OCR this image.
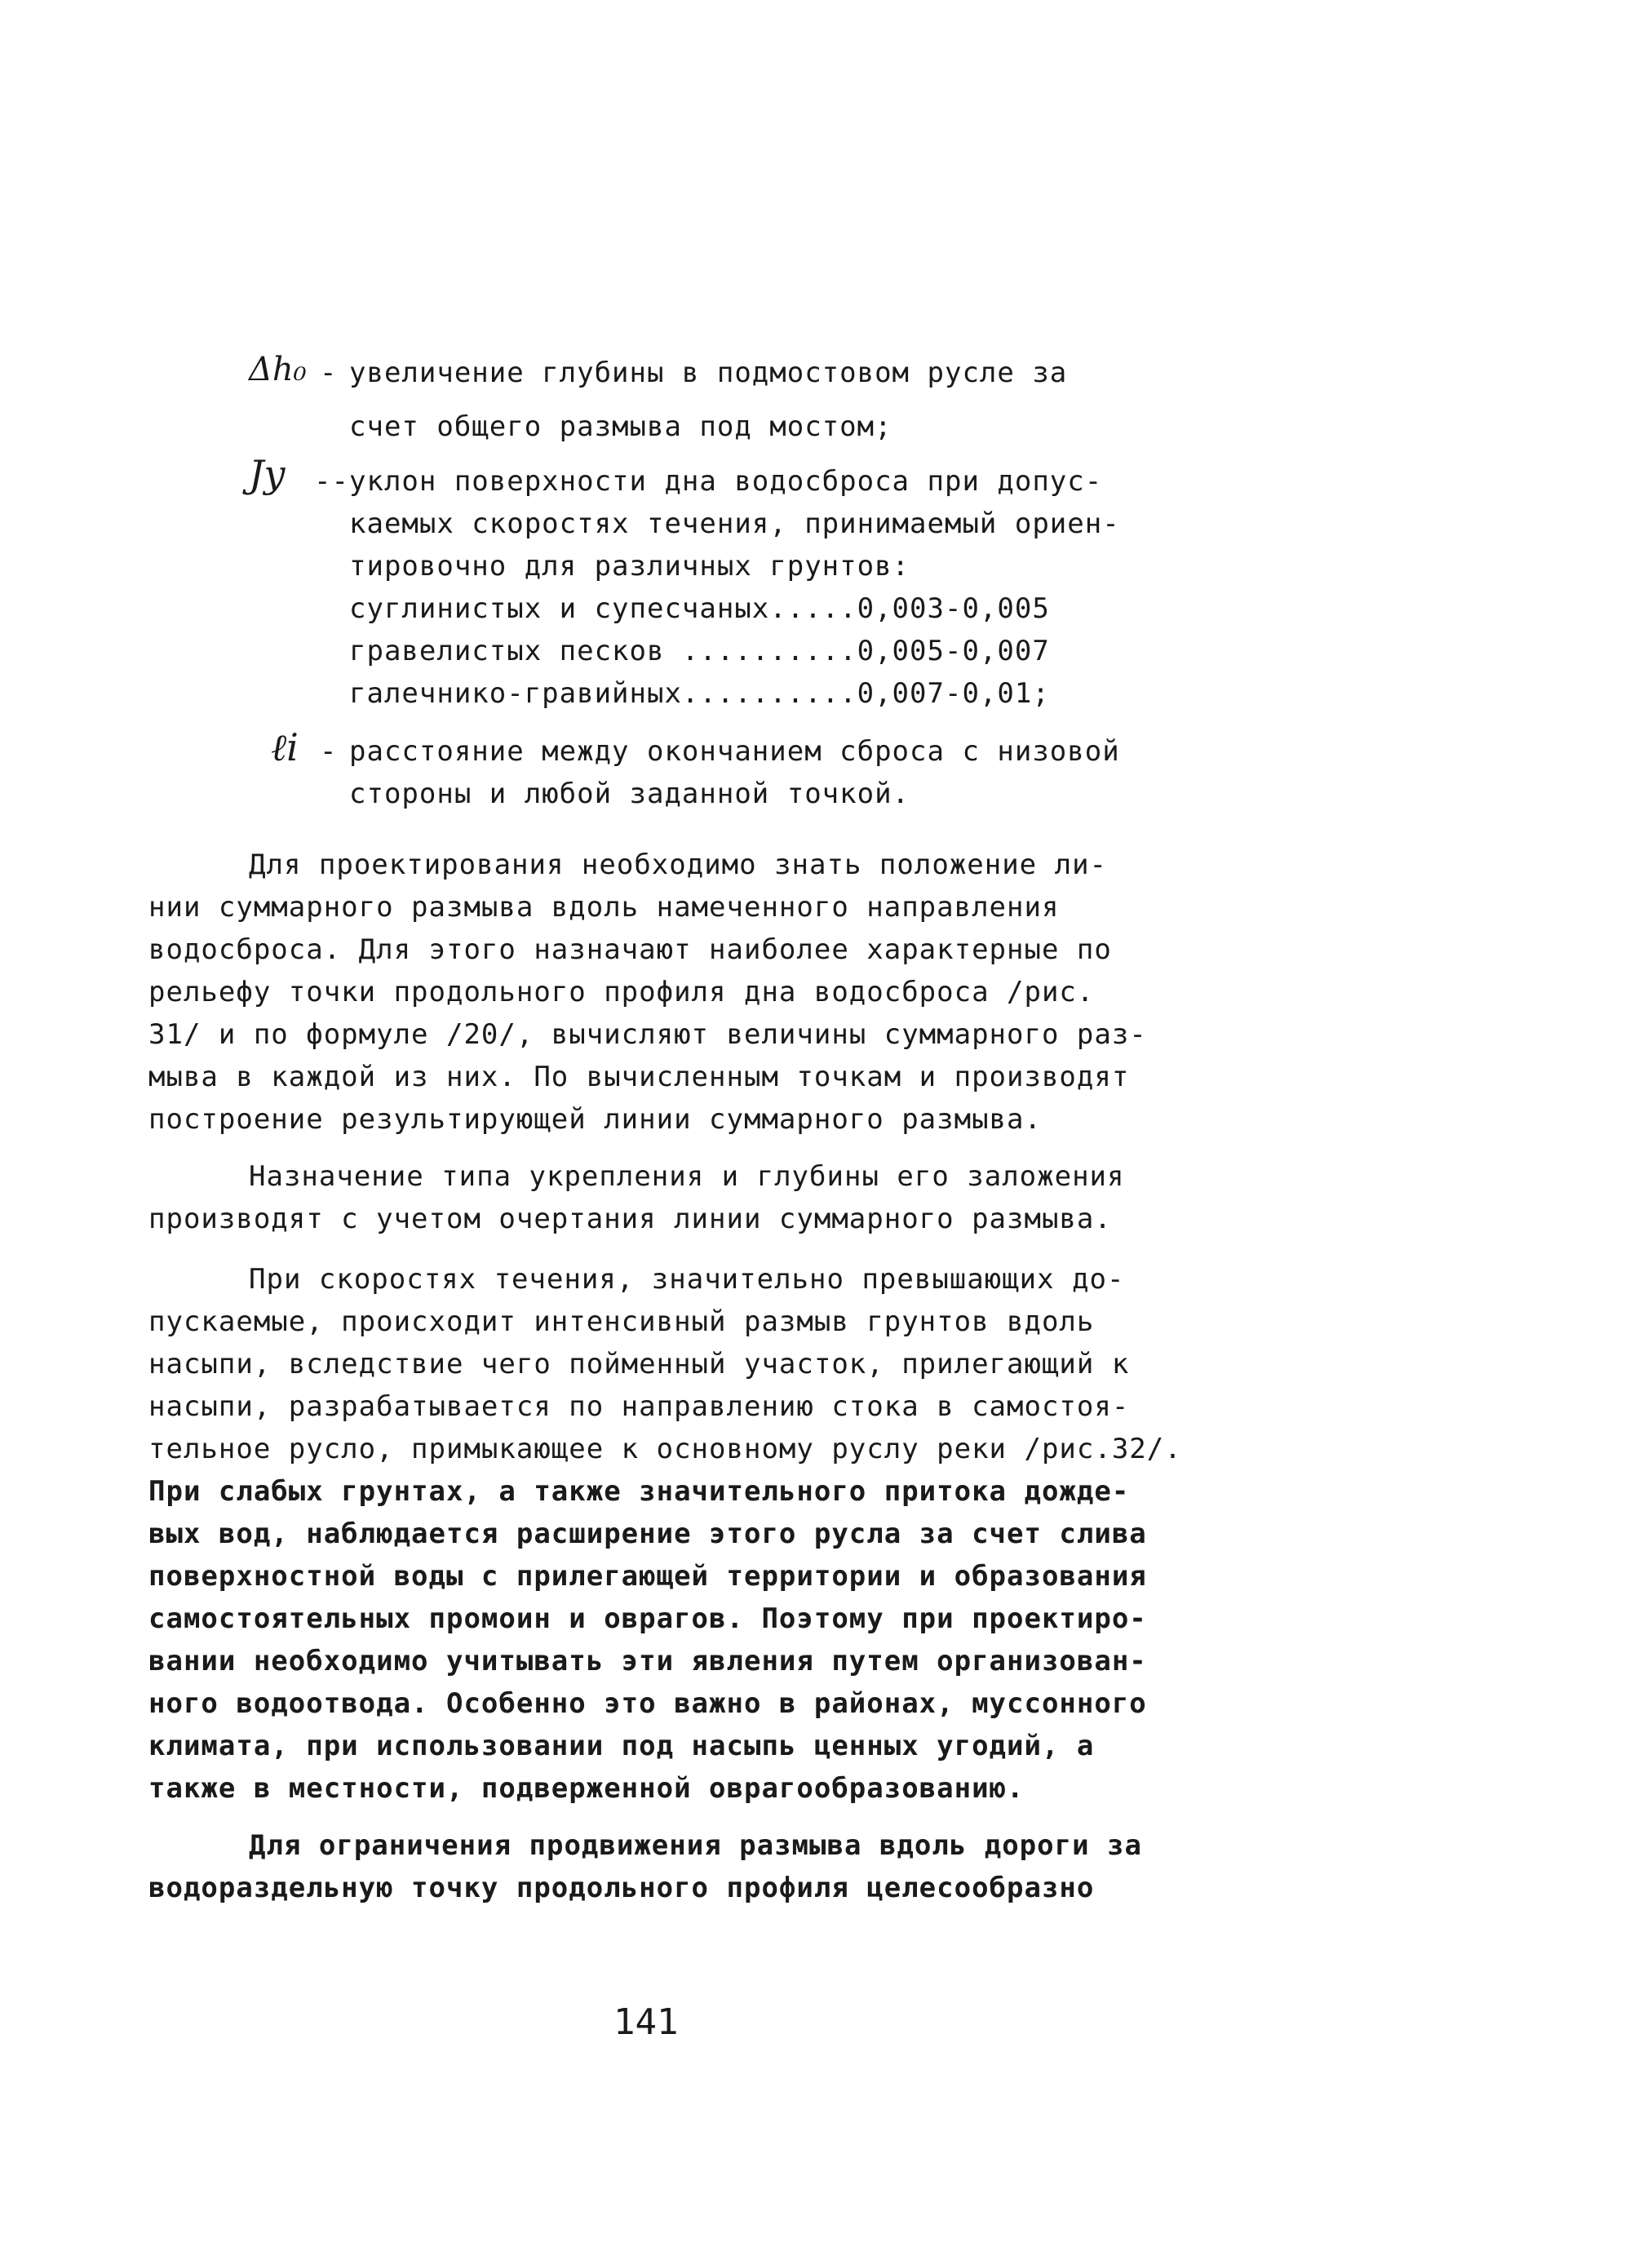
Δh₀ - увеличение глубины в подмостовом русле за
счет общего размыва под мостом;
Jу -- уклон поверхности дна водосброса при допус-
каемых скоростях течения, принимаемый ориен-
тировочно для различных грунтов:
суглинистых и супесчаных.....0,003-0,005
гравелистых песков ..........0,005-0,007
галечнико-гравийных..........0,007-0,01;
ℓi - расстояние между окончанием сброса с низовой
стороны и любой заданной точкой.
Для проектирования необходимо знать положение ли-
нии суммарного размыва вдоль намеченного направления
водосброса. Для этого назначают наиболее характерные по
рельефу точки продольного профиля дна водосброса /рис.
31/ и по формуле /20/, вычисляют величины суммарного раз-
мыва в каждой из них. По вычисленным точкам и производят
построение результирующей линии суммарного размыва.
Назначение типа укрепления и глубины его заложения
производят с учетом очертания линии суммарного размыва.
При скоростях течения, значительно превышающих до-
пускаемые, происходит интенсивный размыв грунтов вдоль
насыпи, вследствие чего пойменный участок, прилегающий к
насыпи, разрабатывается по направлению стока в самостоя-
тельное русло, примыкающее к основному руслу реки /рис.32/.
При слабых грунтах, а также значительного притока дожде-
вых вод, наблюдается расширение этого русла за счет слива
поверхностной воды с прилегающей территории и образования
самостоятельных промоин и оврагов. Поэтому при проектиро-
вании необходимо учитывать эти явления путем организован-
ного водоотвода. Особенно это важно в районах, муссонного
климата, при использовании под насыпь ценных угодий, а
также в местности, подверженной оврагообразованию.
Для ограничения продвижения размыва вдоль дороги за
водораздельную точку продольного профиля целесообразно
141
